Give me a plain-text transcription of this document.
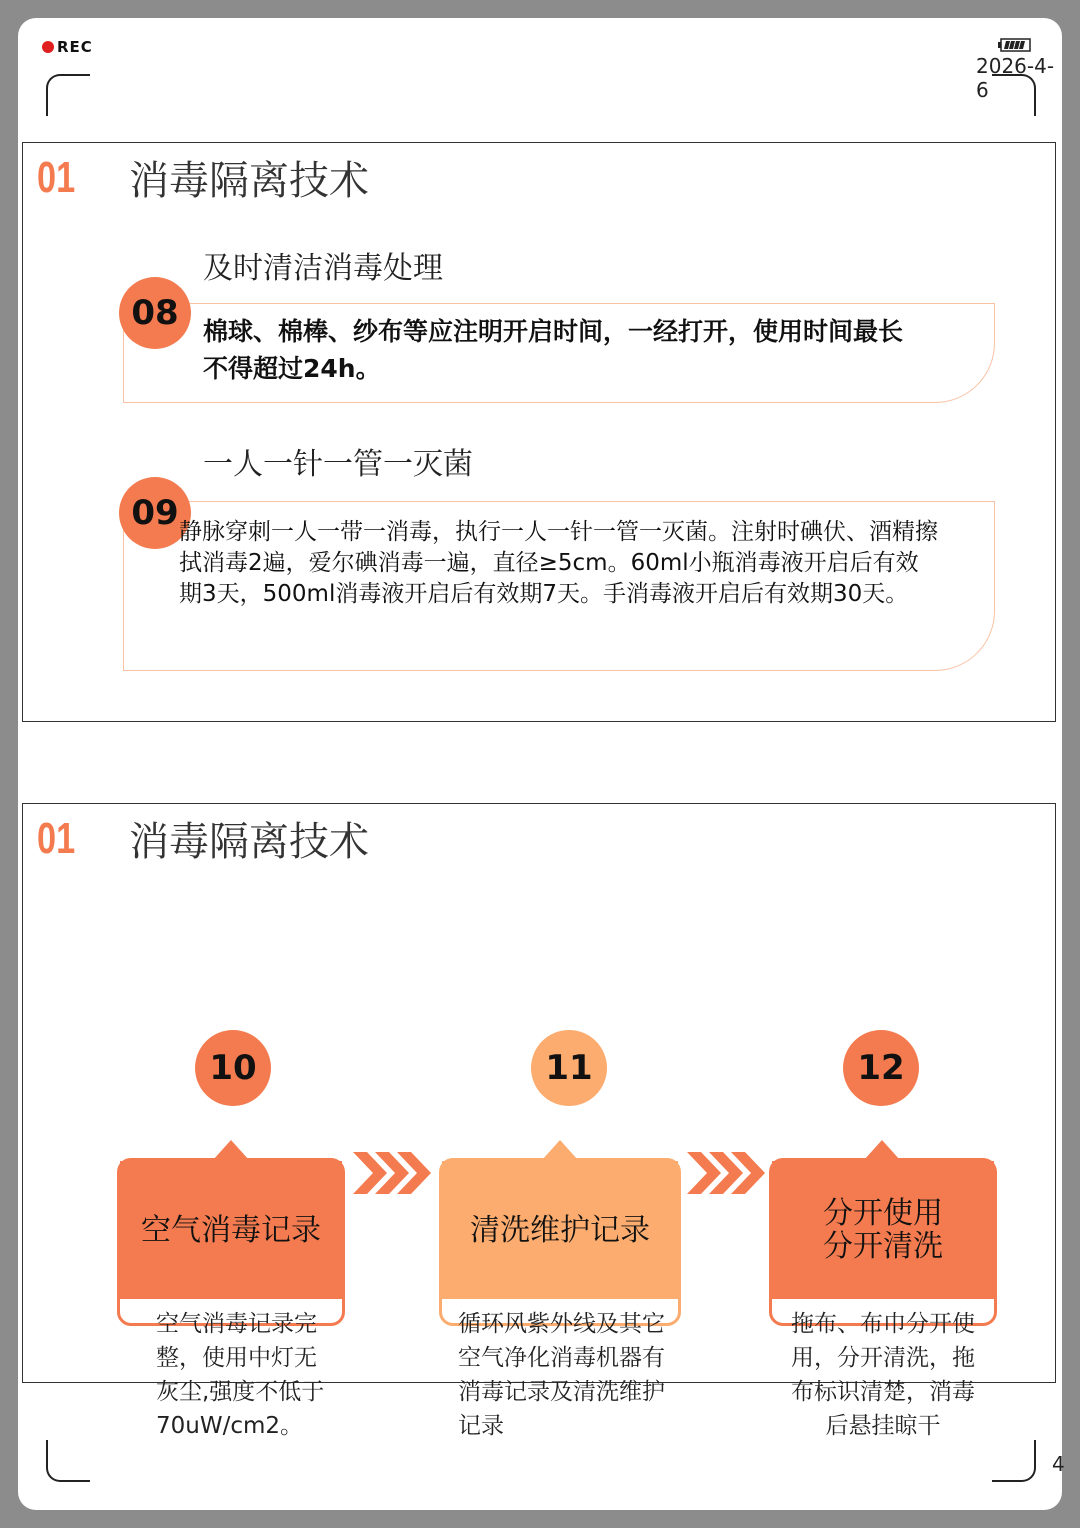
REC
2026-4-6
4
01 消毒隔离技术
及时清洁消毒处理
08 棉球、棉棒、纱布等应注明开启时间，一经打开，使用时间最长不得超过24h。
一人一针一管一灭菌
09 静脉穿刺一人一带一消毒，执行一人一针一管一灭菌。注射时碘伏、酒精擦拭消毒2遍，爱尔碘消毒一遍，直径≥5cm。60ml小瓶消毒液开启后有效期3天，500ml消毒液开启后有效期7天。手消毒液开启后有效期30天。
01 消毒隔离技术
10
空气消毒记录
空气消毒记录完整，使用中灯无灰尘,强度不低于70uW/cm2。
11
清洗维护记录
循环风紫外线及其它空气净化消毒机器有消毒记录及清洗维护记录
12
分开使用
分开清洗
拖布、布巾分开使用，分开清洗，拖布标识清楚，消毒后悬挂晾干
